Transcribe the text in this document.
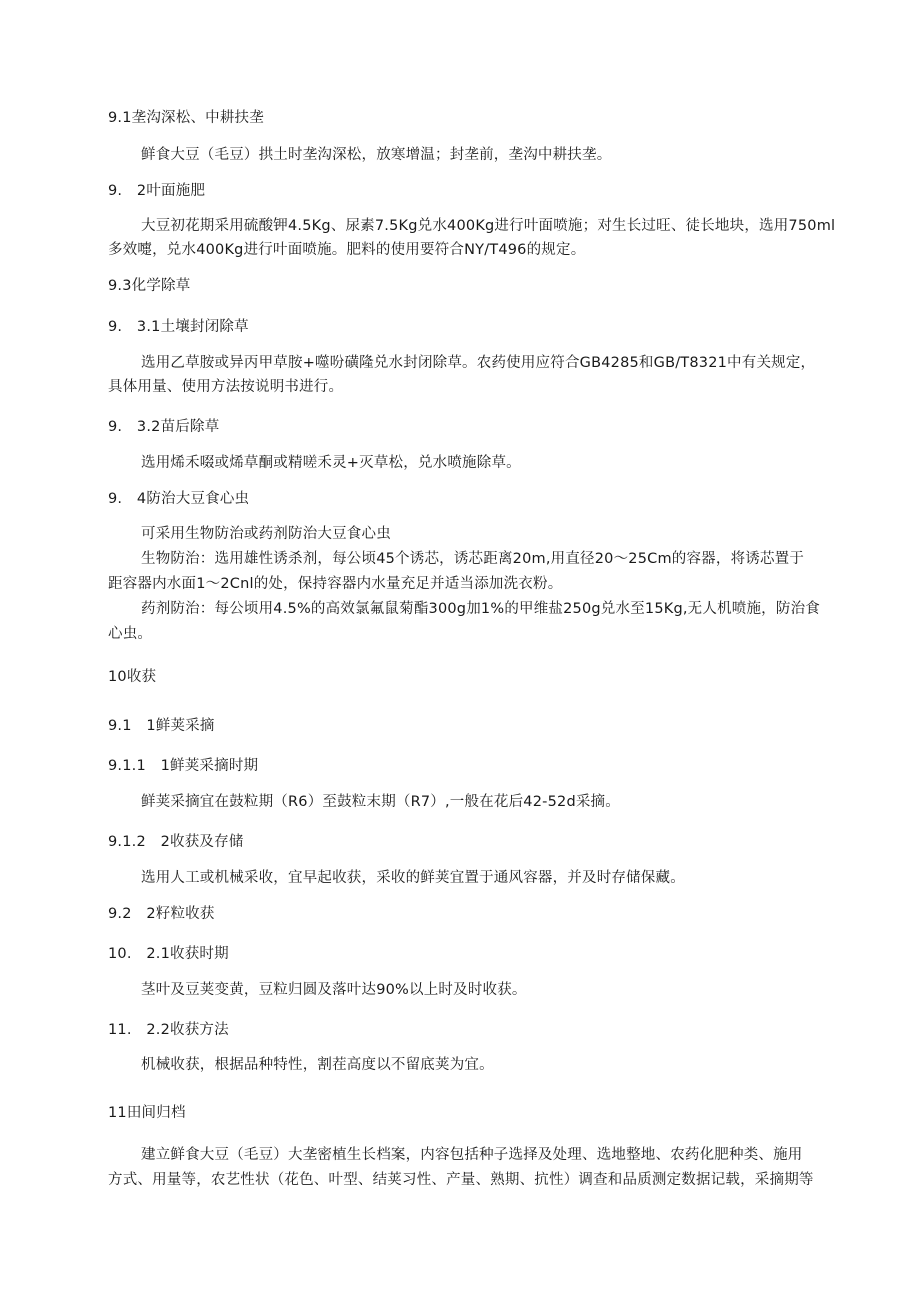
9.1垄沟深松、中耕扶垄
鲜食大豆（毛豆）拱土时垄沟深松，放寒增温；封垄前，垄沟中耕扶垄。
9.　2叶面施肥
大豆初花期采用硫酸钾4.5Kg、尿素7.5Kg兑水400Kg进行叶面喷施；对生长过旺、徒长地块，选用750ml
多效嚏，兑水400Kg进行叶面喷施。肥料的使用要符合NY/T496的规定。
9.3化学除草
9.　3.1土壤封闭除草
选用乙草胺或异丙甲草胺+噬吩磺隆兑水封闭除草。农药使用应符合GB4285和GB/T8321中有关规定，
具体用量、使用方法按说明书进行。
9.　3.2苗后除草
选用烯禾啜或烯草酮或精嗟禾灵+灭草松，兑水喷施除草。
9.　4防治大豆食心虫
可采用生物防治或药剂防治大豆食心虫
生物防治：选用雄性诱杀剂，每公顷45个诱芯，诱芯距离20m,用直径20～25Cm的容器，将诱芯置于
距容器内水面1～2Cnl的处，保持容器内水量充足并适当添加洗衣粉。
药剂防治：每公顷用4.5%的高效氯氟鼠菊酯300g加1%的甲维盐250g兑水至15Kg,无人机喷施，防治食
心虫。
10收获
9.1　1鲜荚采摘
9.1.1　1鲜荚采摘时期
鲜荚采摘宜在鼓粒期（R6）至鼓粒末期（R7）,一般在花后42-52d采摘。
9.1.2　2收获及存储
选用人工或机械采收，宜早起收获，采收的鲜荚宜置于通风容器，并及时存储保藏。
9.2　2籽粒收获
10.　2.1收获时期
茎叶及豆荚变黄，豆粒归圆及落叶达90%以上时及时收获。
11.　2.2收获方法
机械收获，根据品种特性，割茬高度以不留底荚为宜。
11田间归档
建立鲜食大豆（毛豆）大垄密植生长档案，内容包括种子选择及处理、选地整地、农药化肥种类、施用
方式、用量等，农艺性状（花色、叶型、结荚习性、产量、熟期、抗性）调查和品质测定数据记载，采摘期等
